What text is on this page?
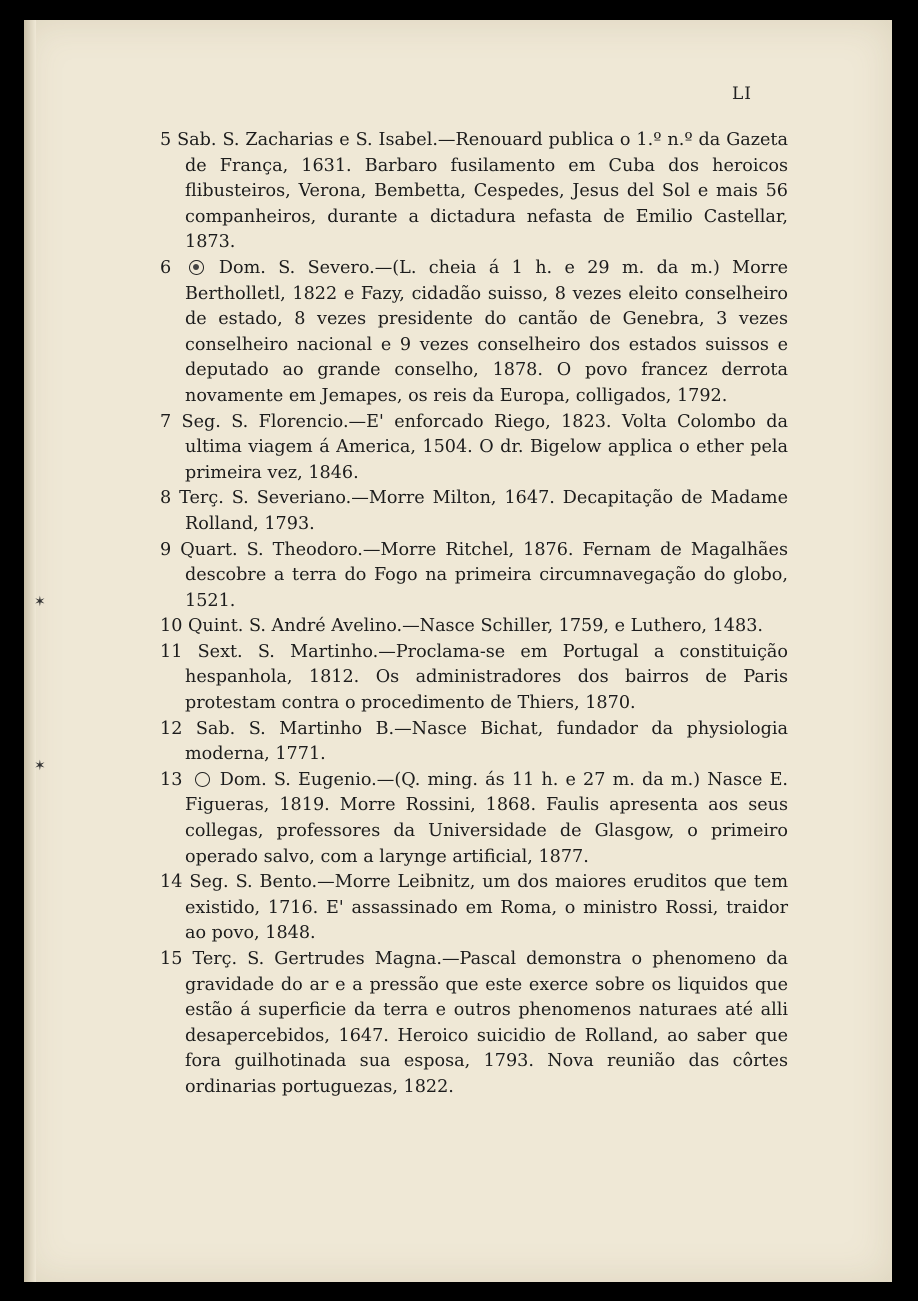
LI

5 Sab. S. Zacharias e S. Isabel.—Renouard publica o 1.º n.º da Gazeta de França, 1631. Barbaro fusilamento em Cuba dos heroicos flibusteiros, Verona, Bembetta, Cespedes, Jesus del Sol e mais 56 companheiros, durante a dictadura nefasta de Emilio Castellar, 1873.

6	Dom. S. Severo.—(L. cheia á 1 h. e 29 m. da m.) Morre Bertholletl, 1822 e Fazy, cidadão suisso, 8 vezes eleito conselheiro de estado, 8 vezes presidente do cantão de Genebra, 3 vezes conselheiro nacional e 9 vezes conselheiro dos estados suissos e deputado ao grande conselho, 1878. O povo francez derrota novamente em Jemapes, os reis da Europa, colligados, 1792.

7 Seg. S. Florencio.—E' enforcado Riego, 1823. Volta Colombo da ultima viagem á America, 1504. O dr. Bigelow applica o ether pela primeira vez, 1846.

8 Terç. S. Severiano.—Morre Milton, 1647. Decapitação de Madame Rolland, 1793.

9 Quart. S. Theodoro.—Morre Ritchel, 1876. Fernam de Magalhães descobre a terra do Fogo na primeira circumnavegação do globo, 1521.

10 Quint. S. André Avelino.—Nasce Schiller, 1759, e Luthero, 1483.

11 Sext. S. Martinho.—Proclama-se em Portugal a constituição hespanhola, 1812. Os administradores dos bairros de Paris protestam contra o procedimento de Thiers, 1870.

12 Sab. S. Martinho B.—Nasce Bichat, fundador da physiologia moderna, 1771.

13 Dom. S. Eugenio.—(Q. ming. ás 11 h. e 27 m. da m.) Nasce E. Figueras, 1819. Morre Rossini, 1868. Faulis apresenta aos seus collegas, professores da Universidade de Glasgow, o primeiro operado salvo, com a larynge artificial, 1877.

14 Seg. S. Bento.—Morre Leibnitz, um dos maiores eruditos que tem existido, 1716. E' assassinado em Roma, o ministro Rossi, traidor ao povo, 1848.

15 Terç. S. Gertrudes Magna.—Pascal demonstra o phenomeno da gravidade do ar e a pressão que este exerce sobre os liquidos que estão á superficie da terra e outros phenomenos naturaes até alli desapercebidos, 1647. Heroico suicidio de Rolland, ao saber que fora guilhotinada sua esposa, 1793. Nova reunião das côrtes ordinarias portuguezas, 1822.

✶
✶
